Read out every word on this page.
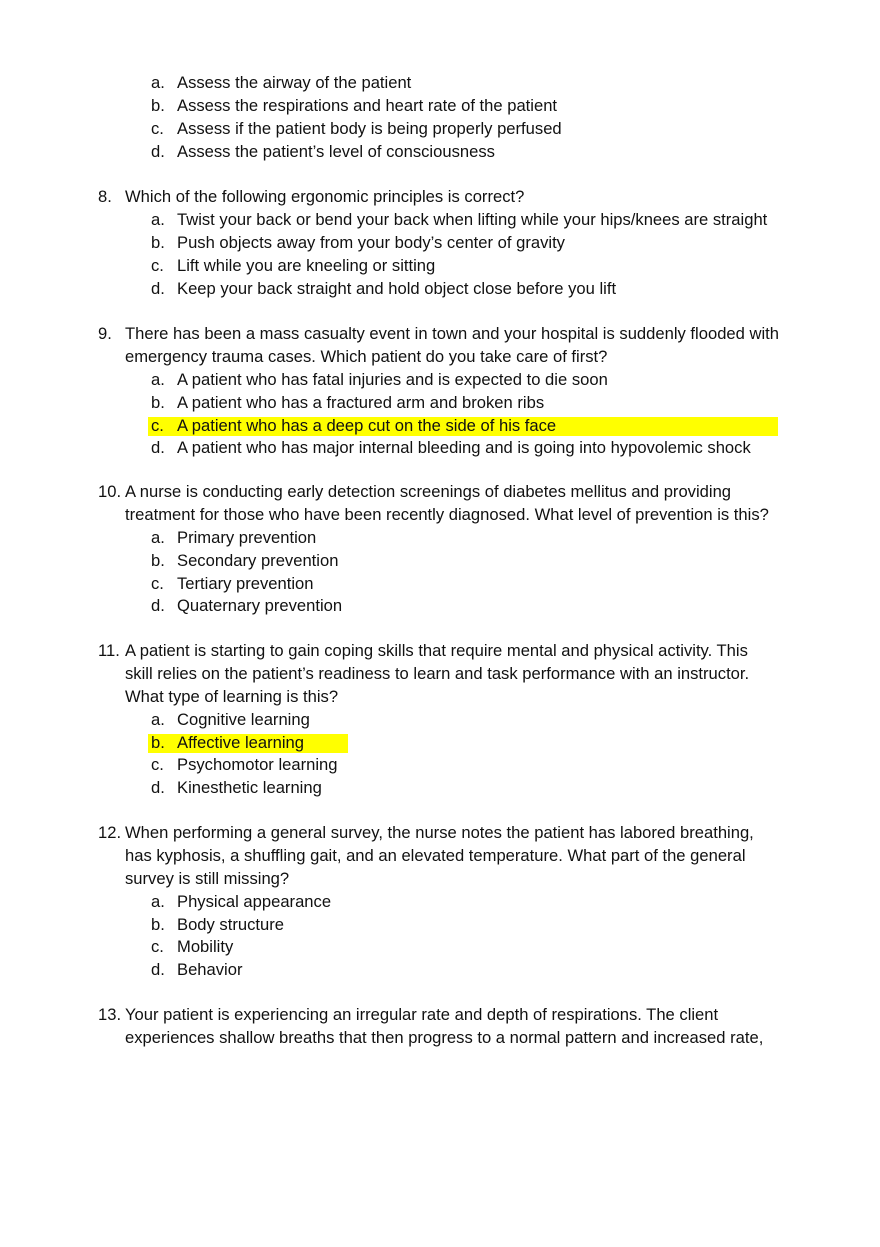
a. Assess the airway of the patient
b. Assess the respirations and heart rate of the patient
c. Assess if the patient body is being properly perfused
d. Assess the patient’s level of consciousness
8. Which of the following ergonomic principles is correct?
a. Twist your back or bend your back when lifting while your hips/knees are straight
b. Push objects away from your body’s center of gravity
c. Lift while you are kneeling or sitting
d. Keep your back straight and hold object close before you lift
9. There has been a mass casualty event in town and your hospital is suddenly flooded with
emergency trauma cases. Which patient do you take care of first?
a. A patient who has fatal injuries and is expected to die soon
b. A patient who has a fractured arm and broken ribs
c. A patient who has a deep cut on the side of his face
d. A patient who has major internal bleeding and is going into hypovolemic shock
10. A nurse is conducting early detection screenings of diabetes mellitus and providing
treatment for those who have been recently diagnosed. What level of prevention is this?
a. Primary prevention
b. Secondary prevention
c. Tertiary prevention
d. Quaternary prevention
11. A patient is starting to gain coping skills that require mental and physical activity. This
skill relies on the patient’s readiness to learn and task performance with an instructor.
What type of learning is this?
a. Cognitive learning
b. Affective learning
c. Psychomotor learning
d. Kinesthetic learning
12. When performing a general survey, the nurse notes the patient has labored breathing,
has kyphosis, a shuffling gait, and an elevated temperature. What part of the general
survey is still missing?
a. Physical appearance
b. Body structure
c. Mobility
d. Behavior
13. Your patient is experiencing an irregular rate and depth of respirations. The client
experiences shallow breaths that then progress to a normal pattern and increased rate,
